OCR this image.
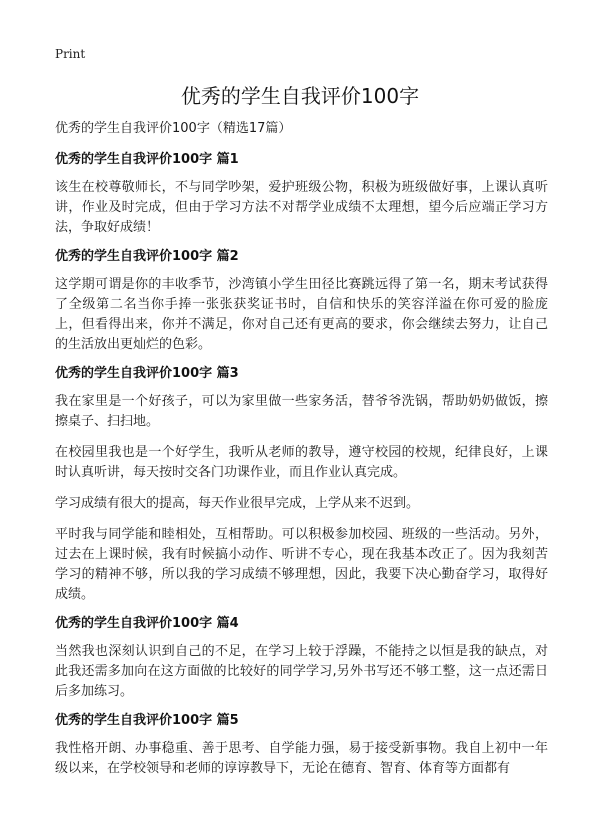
Print
优秀的学生自我评价100字

优秀的学生自我评价100字（精选17篇）

优秀的学生自我评价100字 篇1

该生在校尊敬师长，不与同学吵架，爱护班级公物，积极为班级做好事，上课认真听讲，作业及时完成，但由于学习方法不对帮学业成绩不太理想，望今后应端正学习方法，争取好成绩！

优秀的学生自我评价100字 篇2

这学期可谓是你的丰收季节，沙湾镇小学生田径比赛跳远得了第一名，期末考试获得了全级第二名当你手捧一张张获奖证书时，自信和快乐的笑容洋溢在你可爱的脸庞上，但看得出来，你并不满足，你对自己还有更高的要求，你会继续去努力，让自己的生活放出更灿烂的色彩。

优秀的学生自我评价100字 篇3

我在家里是一个好孩子，可以为家里做一些家务活，替爷爷洗锅，帮助奶奶做饭，擦擦桌子、扫扫地。

在校园里我也是一个好学生，我听从老师的教导，遵守校园的校规，纪律良好，上课时认真听讲，每天按时交各门功课作业，而且作业认真完成。

学习成绩有很大的提高，每天作业很早完成，上学从来不迟到。

平时我与同学能和睦相处，互相帮助。可以积极参加校园、班级的一些活动。另外，过去在上课时候，我有时候搞小动作、听讲不专心，现在我基本改正了。因为我刻苦学习的精神不够，所以我的学习成绩不够理想，因此，我要下决心勤奋学习，取得好成绩。

优秀的学生自我评价100字 篇4

当然我也深刻认识到自己的不足，在学习上较于浮躁，不能持之以恒是我的缺点，对此我还需多加向在这方面做的比较好的同学学习,另外书写还不够工整，这一点还需日后多加练习。

优秀的学生自我评价100字 篇5

我性格开朗、办事稳重、善于思考、自学能力强，易于接受新事物。我自上初中一年级以来，在学校领导和老师的谆谆教导下，无论在德育、智育、体育等方面都有
